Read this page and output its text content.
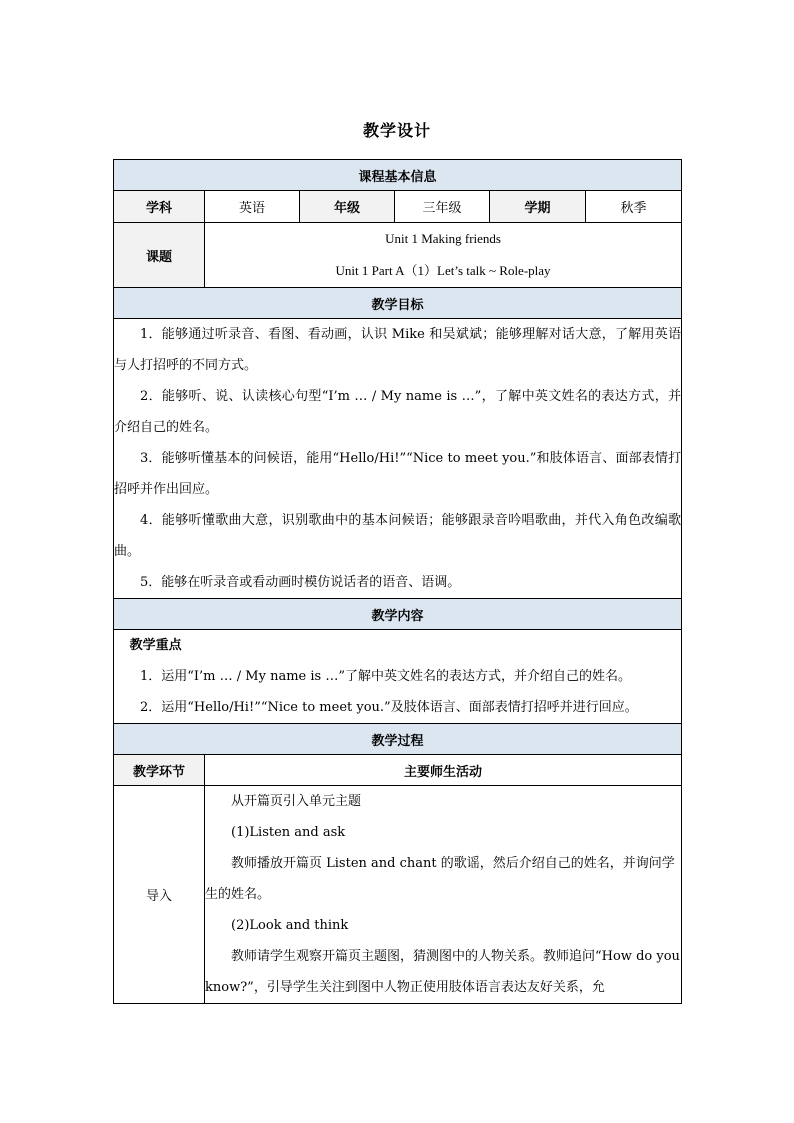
教学设计
课程基本信息					
学科	英语	年级	三年级	学期	秋季
课题	Unit 1 Making friends
Unit 1 Part A（1）Let’s talk ~ Role-play				

教学目标					

1．能够通过听录音、看图、看动画，认识 Mike 和吴斌斌；能够理解对话大意，了解用英语与人打招呼的不同方式。

2．能够听、说、认读核心句型“I’m … / My name is …”，了解中英文姓名的表达方式，并介绍自己的姓名。

3．能够听懂基本的问候语，能用“Hello/Hi!”“Nice to meet you.”和肢体语言、面部表情打招呼并作出回应。

4．能够听懂歌曲大意，识别歌曲中的基本问候语；能够跟录音吟唱歌曲，并代入角色改编歌曲。

5．能够在听录音或看动画时模仿说话者的语音、语调。					

教学内容					

教学重点

1．运用“I’m … / My name is …”了解中英文姓名的表达方式，并介绍自己的姓名。

2．运用“Hello/Hi!”“Nice to meet you.”及肢体语言、面部表情打招呼并进行回应。					

教学过程					
教学环节	主要师生活动				
导入	从开篇页引入单元主题

(1)Listen and ask

教师播放开篇页 Listen and chant 的歌谣，然后介绍自己的姓名，并询问学生的姓名。

(2)Look and think

教师请学生观察开篇页主题图，猜测图中的人物关系。教师追问“How do you know?”，引导学生关注到图中人物正使用肢体语言表达友好关系，允				
